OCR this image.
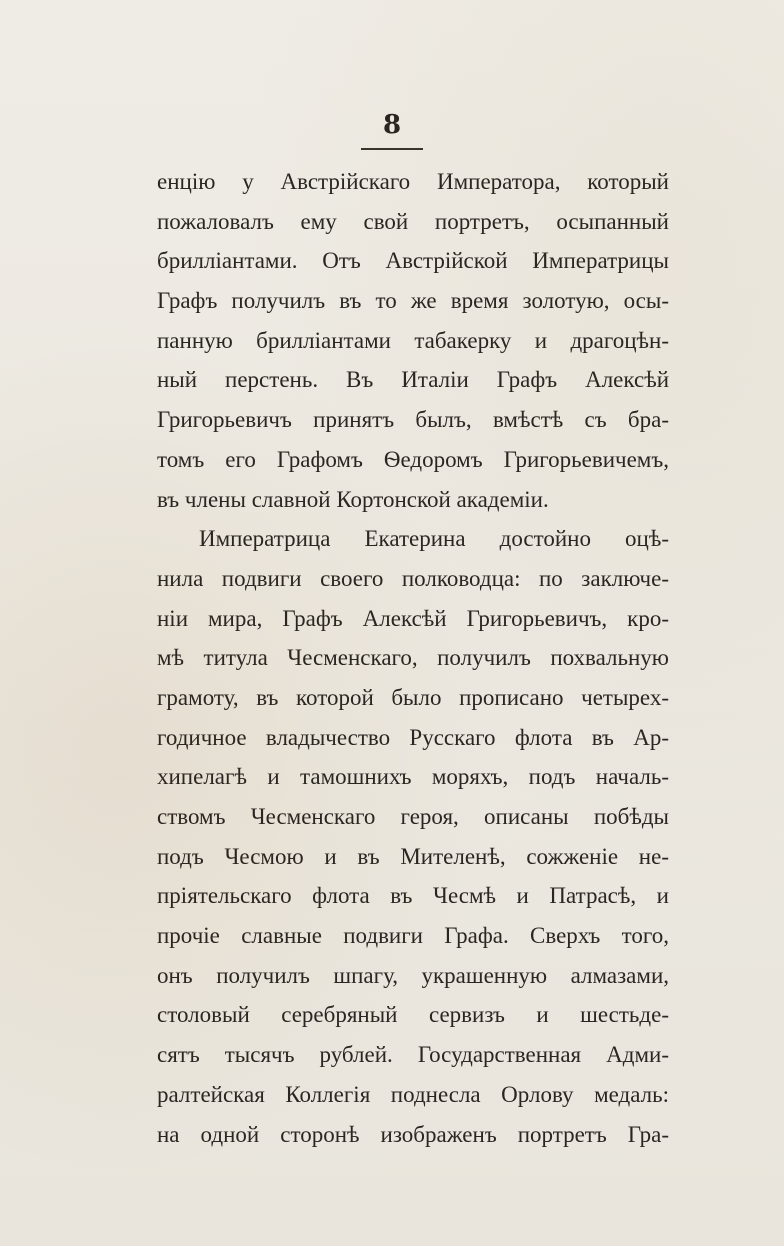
8
енцію у Австрійскаго Императора, который
пожаловалъ ему свой портретъ, осыпанный
бриллiантами. Отъ Австрійской Императрицы
Графъ получилъ въ то же время золотую, осы-
панную бриллiантами табакерку и драгоцѣн-
ный перстень. Въ Италіи Графъ Алексѣй
Григорьевичъ принятъ былъ, вмѣстѣ съ бра-
томъ его Графомъ Ѳедоромъ Григорьевичемъ,
въ члены славной Кортонской академіи.
Императрица Екатерина достойно оцѣ-
нила подвиги своего полководца: по заключе-
ніи мира, Графъ Алексѣй Григорьевичъ, кро-
мѣ титула Чесменскаго, получилъ похвальную
грамоту, въ которой было прописано четырех-
годичное владычество Русскаго флота въ Ар-
хипелагѣ и тамошнихъ моряхъ, подъ началь-
ствомъ Чесменскаго героя, описаны побѣды
подъ Чесмою и въ Мителенѣ, сожженіе не-
пріятельскаго флота въ Чесмѣ и Патрасѣ, и
прочіе славные подвиги Графа. Сверхъ того,
онъ получилъ шпагу, украшенную алмазами,
столовый серебряный сервизъ и шестьде-
сятъ тысячъ рублей. Государственная Адми-
ралтейская Коллегія поднесла Орлову медаль:
на одной сторонѣ изображенъ портретъ Гра-
